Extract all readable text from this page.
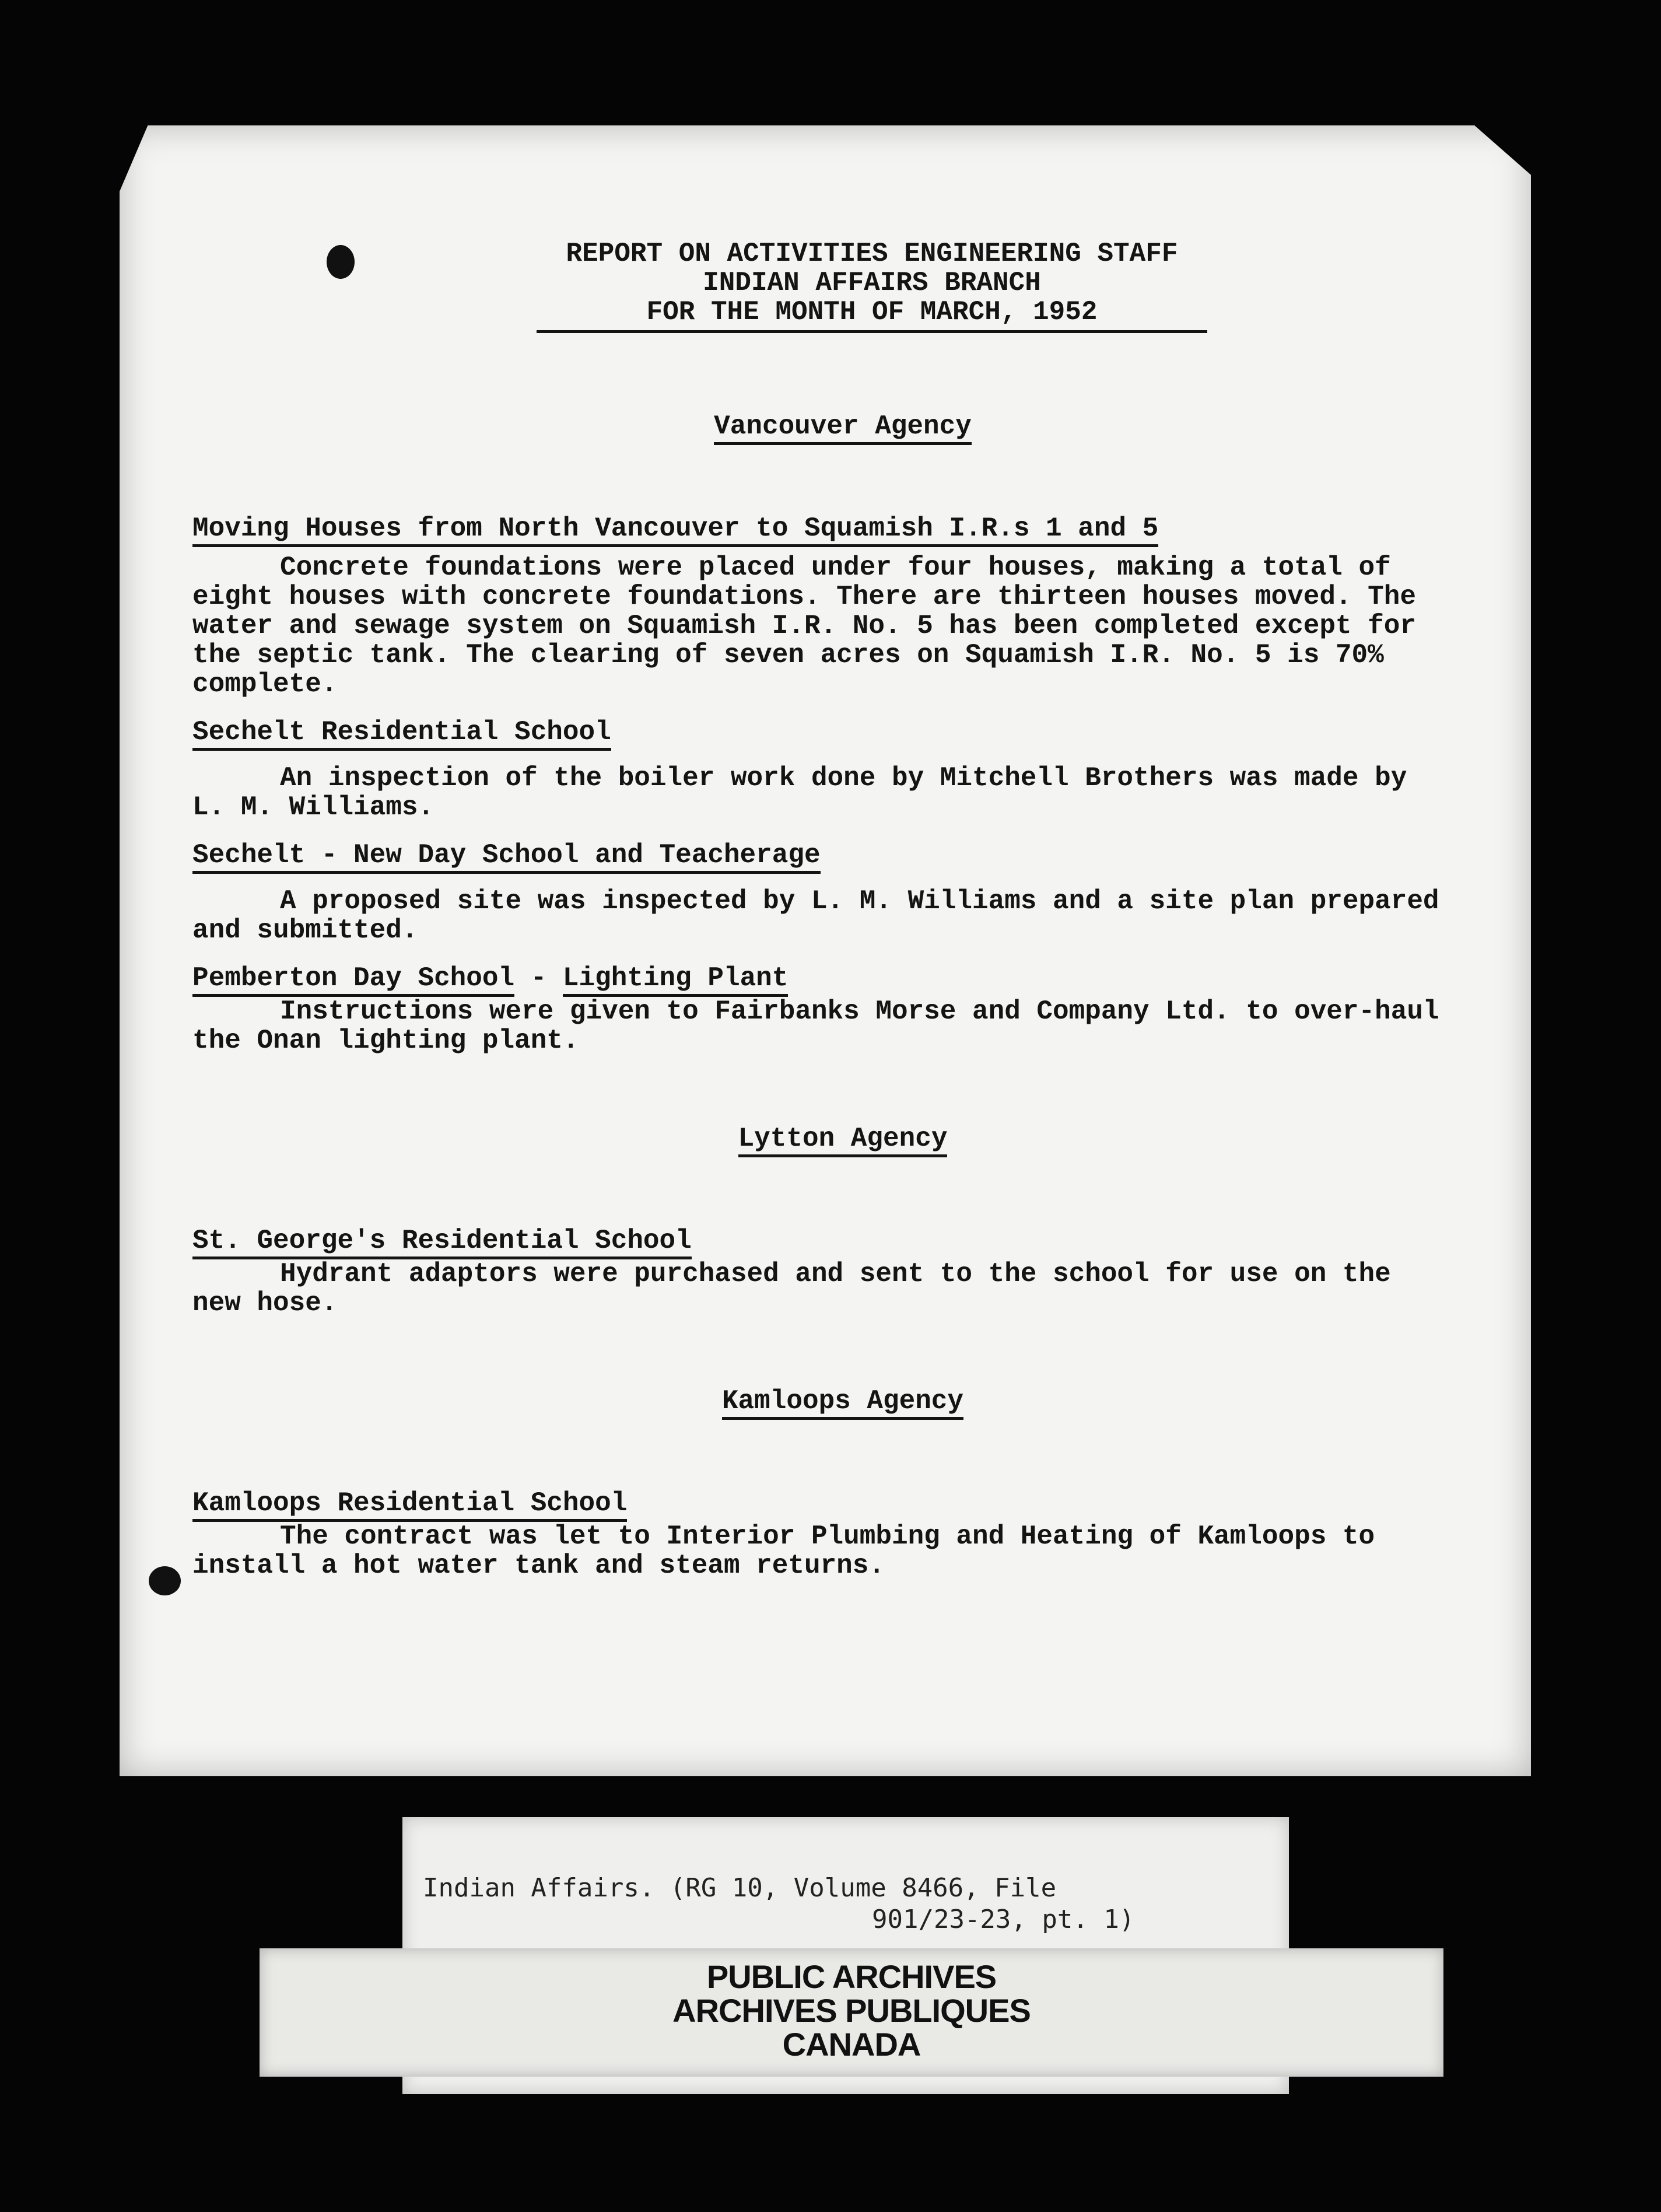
REPORT ON ACTIVITIES ENGINEERING STAFF
INDIAN AFFAIRS BRANCH
FOR THE MONTH OF MARCH, 1952
Vancouver Agency
Moving Houses from North Vancouver to Squamish I.R.s 1 and 5

Concrete foundations were placed under four houses, making a total of eight houses with concrete foundations. There are thirteen houses moved. The water and sewage system on Squamish I.R. No. 5 has been completed except for the septic tank. The clearing of seven acres on Squamish I.R. No. 5 is 70% complete.

Sechelt Residential School

An inspection of the boiler work done by Mitchell Brothers was made by L. M. Williams.

Sechelt - New Day School and Teacherage

A proposed site was inspected by L. M. Williams and a site plan prepared and submitted.

Pemberton Day School - Lighting Plant

Instructions were given to Fairbanks Morse and Company Ltd. to over-haul the Onan lighting plant.

Lytton Agency
St. George's Residential School

Hydrant adaptors were purchased and sent to the school for use on the new hose.

Kamloops Agency
Kamloops Residential School

The contract was let to Interior Plumbing and Heating of Kamloops to install a hot water tank and steam returns.

Indian Affairs. (RG 10, Volume 8466, File
901/23-23, pt. 1)
PUBLIC ARCHIVES
ARCHIVES PUBLIQUES
CANADA
